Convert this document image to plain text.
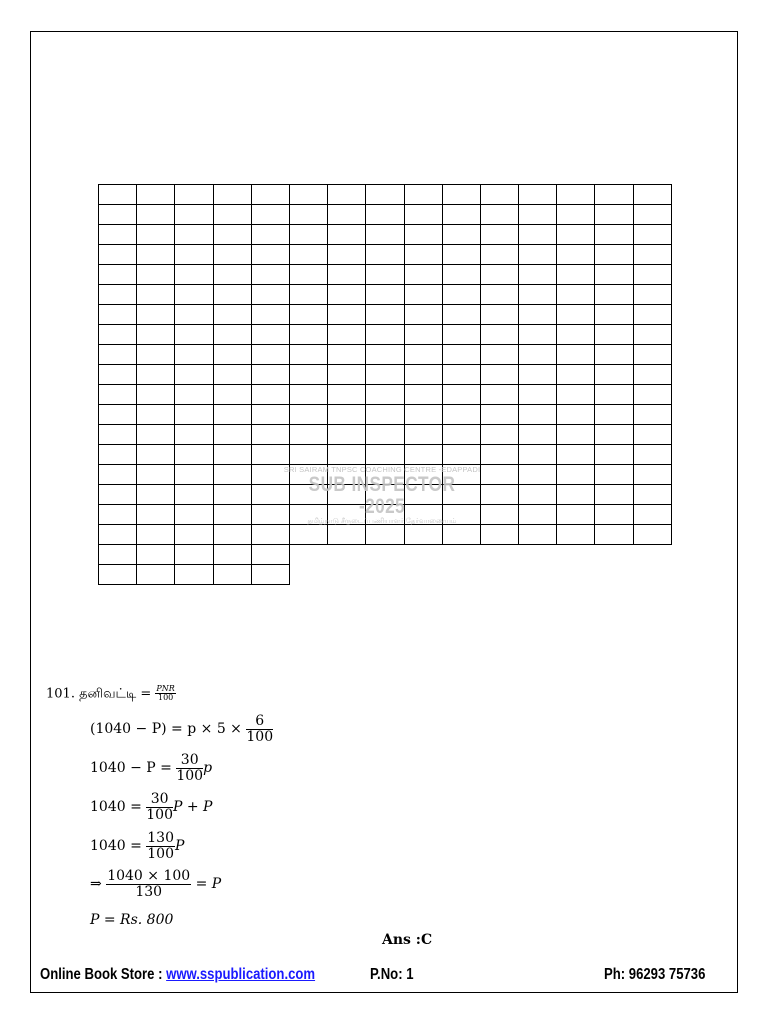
SRI SAIRAM TNPSC COACHING CENTRE -EDAPPADI
SUB INSPECTOR -2025
தமிழ்நாடு சீருடைப்பணியாளர் தேர்வாணையம்
101. தனிவட்டி = $\frac{\text{PNR}}{100}$
$(1040 - P) = p \times 5 \times \frac{6}{100}$
$1040 - P = \frac{30}{100}$ p
$1040 = \frac{30}{100}$ P + P
$1040 = \frac{130}{100}$ P
⇒ $\frac{1040 \times 100}{130} = P$
P = Rs. 800
Ans :C
Online Book Store : www.sspublication.com	P.No: 1	Ph: 96293 75736
